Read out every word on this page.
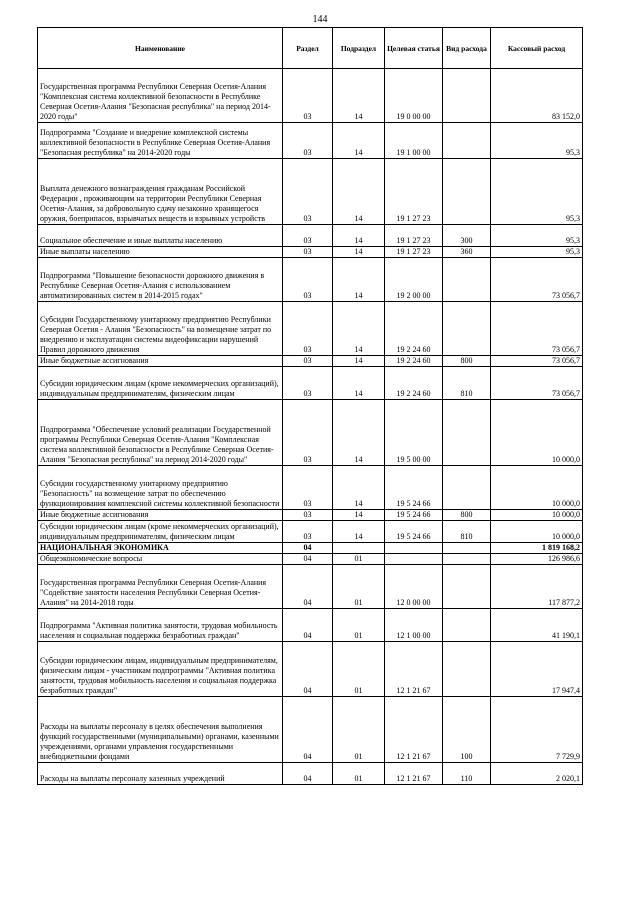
144
Наименование	Раздел	Подраздел	Целевая статья	Вид расхода	Кассовый расход
Государственная программа Республики Северная Осетия-Алания "Комплексная система коллективной безопасности в Республике Северная Осетия-Алания "Безопасная республика" на период 2014-2020 годы"	03	14	19 0 00 00		83 152,0
Подпрограмма "Создание и внедрение комплексной системы коллективной безопасности в Республике Северная Осетия-Алания "Безопасная республика" на 2014-2020 годы	03	14	19 1 00 00		95,3
Выплата денежного вознаграждения гражданам Российской Федерации , проживающим на территории Республики Северная Осетия-Алания, за добровольную сдачу незаконно хранящегося оружия, боеприпасов, взрывчатых веществ и взрывных устройств	03	14	19 1 27 23		95,3
Социальное обеспечение и иные выплаты населению	03	14	19 1 27 23	300	95,3
Иные выплаты населению	03	14	19 1 27 23	360	95,3
Подпрограмма "Повышение безопасности дорожного движения в Республике Северная Осетия-Алания с использованием автоматизированных систем в 2014-2015 годах"	03	14	19 2 00 00		73 056,7
Субсидии Государственному унитарному предприятию Республики Северная Осетия - Алания "Безопасность" на возмещение затрат по внедрению и эксплуатации системы видеофиксации нарушений Правил дорожного движения	03	14	19 2 24 60		73 056,7
Иные бюджетные ассигнования	03	14	19 2 24 60	800	73 056,7
Субсидии юридическим лицам (кроме некоммерческих организаций), индивидуальным предпринимателям, физическим лицам	03	14	19 2 24 60	810	73 056,7
Подпрограмма "Обеспечение условий реализации Государственной программы Республики Северная Осетия-Алания "Комплексная система коллективной безопасности в Республике Северная Осетия-Алания "Безопасная республика" на период 2014-2020 годы"	03	14	19 5 00 00		10 000,0
Субсидии государственному унитарному предприятию "Безопасность" на возмещение затрат по обеспечению функционирования комплексной системы коллективной безопасности	03	14	19 5 24 66		10 000,0
Иные бюджетные ассигнования	03	14	19 5 24 66	800	10 000,0
Субсидии юридическим лицам (кроме некоммерческих организаций), индивидуальным предпринимателям, физическим лицам	03	14	19 5 24 66	810	10 000,0
НАЦИОНАЛЬНАЯ ЭКОНОМИКА	04				1 819 168,2
Общеэкономические вопросы	04	01			126 986,6
Государственная программа Республики Северная Осетия-Алания "Содействие занятости населения Республики Северная Осетия-Алания" на 2014-2018 годы	04	01	12 0 00 00		117 877,2
Подпрограмма "Активная политика занятости, трудовая мобильность населения и социальная поддержка безработных граждан"	04	01	12 1 00 00		41 190,1
Субсидии юридическим лицам, индивидуальным предпринимателям, физическим лицам - участникам подпрограммы "Активная политика занятости, трудовая мобильность населения и социальная поддержка безработных граждан"	04	01	12 1 21 67		17 947,4
Расходы на выплаты персоналу в целях обеспечения выполнения функций государственными (муниципальными) органами, казенными учреждениями, органами управления государственными внебюджетными фондами	04	01	12 1 21 67	100	7 729,9
Расходы на выплаты персоналу казенных учреждений	04	01	12 1 21 67	110	2 020,1
